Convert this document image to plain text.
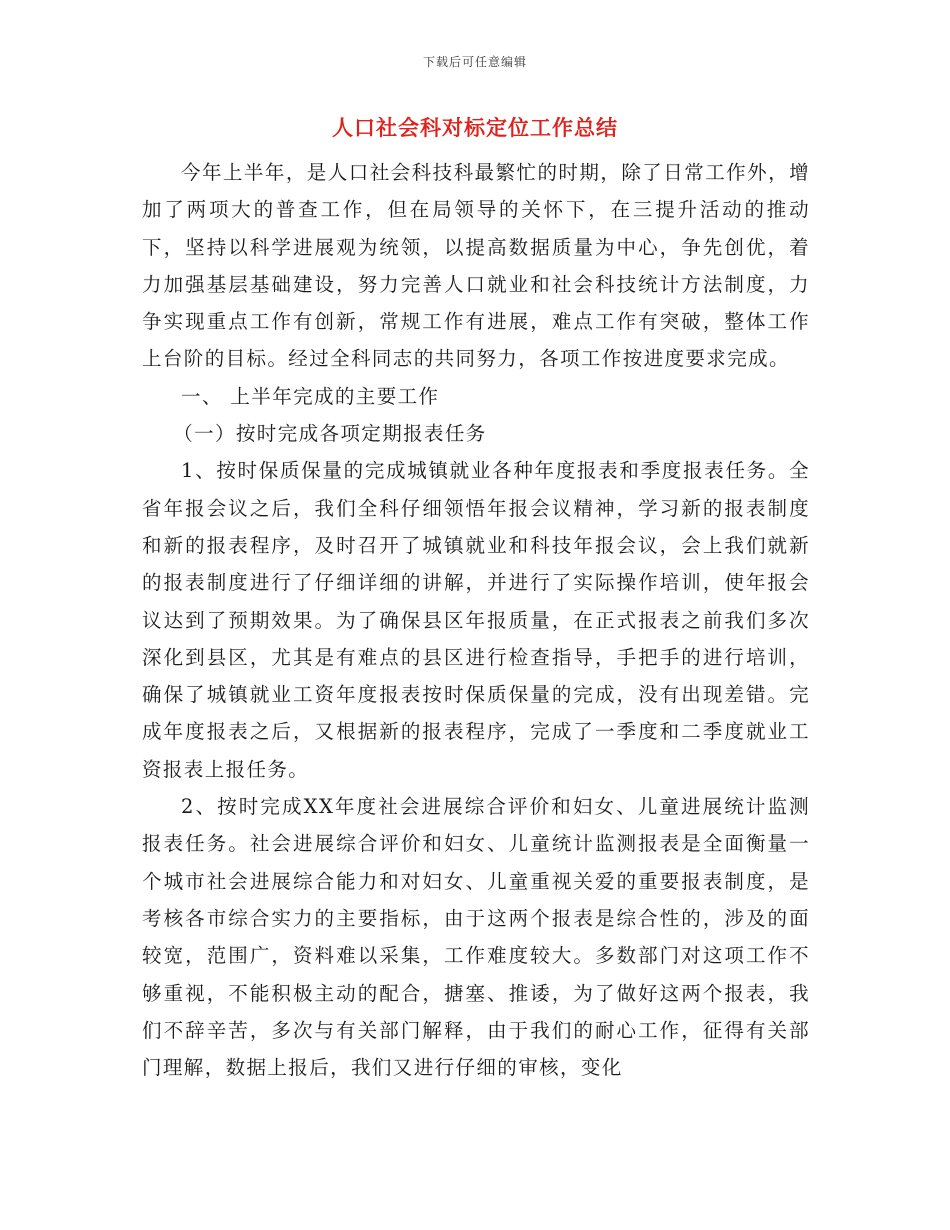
下载后可任意编辑
人口社会科对标定位工作总结

今年上半年，是人口社会科技科最繁忙的时期，除了日常工作外，增加了两项大的普查工作，但在局领导的关怀下，在三提升活动的推动下，坚持以科学进展观为统领，以提高数据质量为中心，争先创优，着力加强基层基础建设，努力完善人口就业和社会科技统计方法制度，力争实现重点工作有创新，常规工作有进展，难点工作有突破，整体工作上台阶的目标。经过全科同志的共同努力，各项工作按进度要求完成。

一、 上半年完成的主要工作

（一）按时完成各项定期报表任务

1、按时保质保量的完成城镇就业各种年度报表和季度报表任务。全省年报会议之后，我们全科仔细领悟年报会议精神，学习新的报表制度和新的报表程序，及时召开了城镇就业和科技年报会议，会上我们就新的报表制度进行了仔细详细的讲解，并进行了实际操作培训，使年报会议达到了预期效果。为了确保县区年报质量，在正式报表之前我们多次深化到县区，尤其是有难点的县区进行检查指导，手把手的进行培训，确保了城镇就业工资年度报表按时保质保量的完成，没有出现差错。完成年度报表之后，又根据新的报表程序，完成了一季度和二季度就业工资报表上报任务。

2、按时完成XX年度社会进展综合评价和妇女、儿童进展统计监测报表任务。社会进展综合评价和妇女、儿童统计监测报表是全面衡量一个城市社会进展综合能力和对妇女、儿童重视关爱的重要报表制度，是考核各市综合实力的主要指标，由于这两个报表是综合性的，涉及的面较宽，范围广，资料难以采集，工作难度较大。多数部门对这项工作不够重视，不能积极主动的配合，搪塞、推诿，为了做好这两个报表，我们不辞辛苦，多次与有关部门解释，由于我们的耐心工作，征得有关部门理解，数据上报后，我们又进行仔细的审核，变化
